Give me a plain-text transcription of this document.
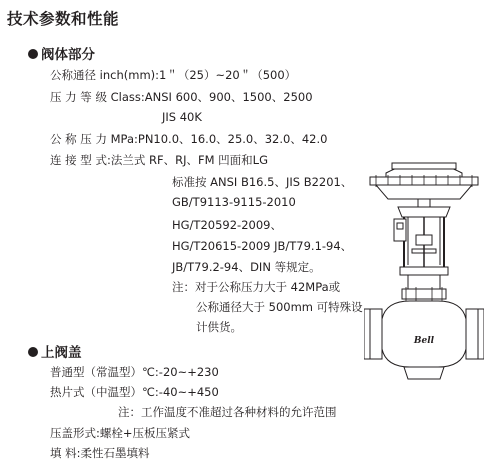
技术参数和性能
阀体部分
公称通径 inch(mm):1＂（25）~20＂（500）
压 力 等 级 Class:ANSI 600、900、1500、2500
JIS 40K
公 称 压 力 MPa:PN10.0、16.0、25.0、32.0、42.0
连 接 型 式:法兰式 RF、RJ、FM 凹面和LG
标准按 ANSI B16.5、JIS B2201、
GB/T9113-9115-2010
HG/T20592-2009、
HG/T20615-2009 JB/T79.1-94、
JB/T79.2-94、DIN 等规定。
注：对于公称压力大于 42MPa或
公称通径大于 500mm 可特殊设
计供货。
上阀盖
普通型（常温型）℃:-20~+230
热片式（中温型）℃:-40~+450
注：工作温度不准超过各种材料的允许范围
压盖形式:螺栓+压板压紧式
填 料:柔性石墨填料
Bell
